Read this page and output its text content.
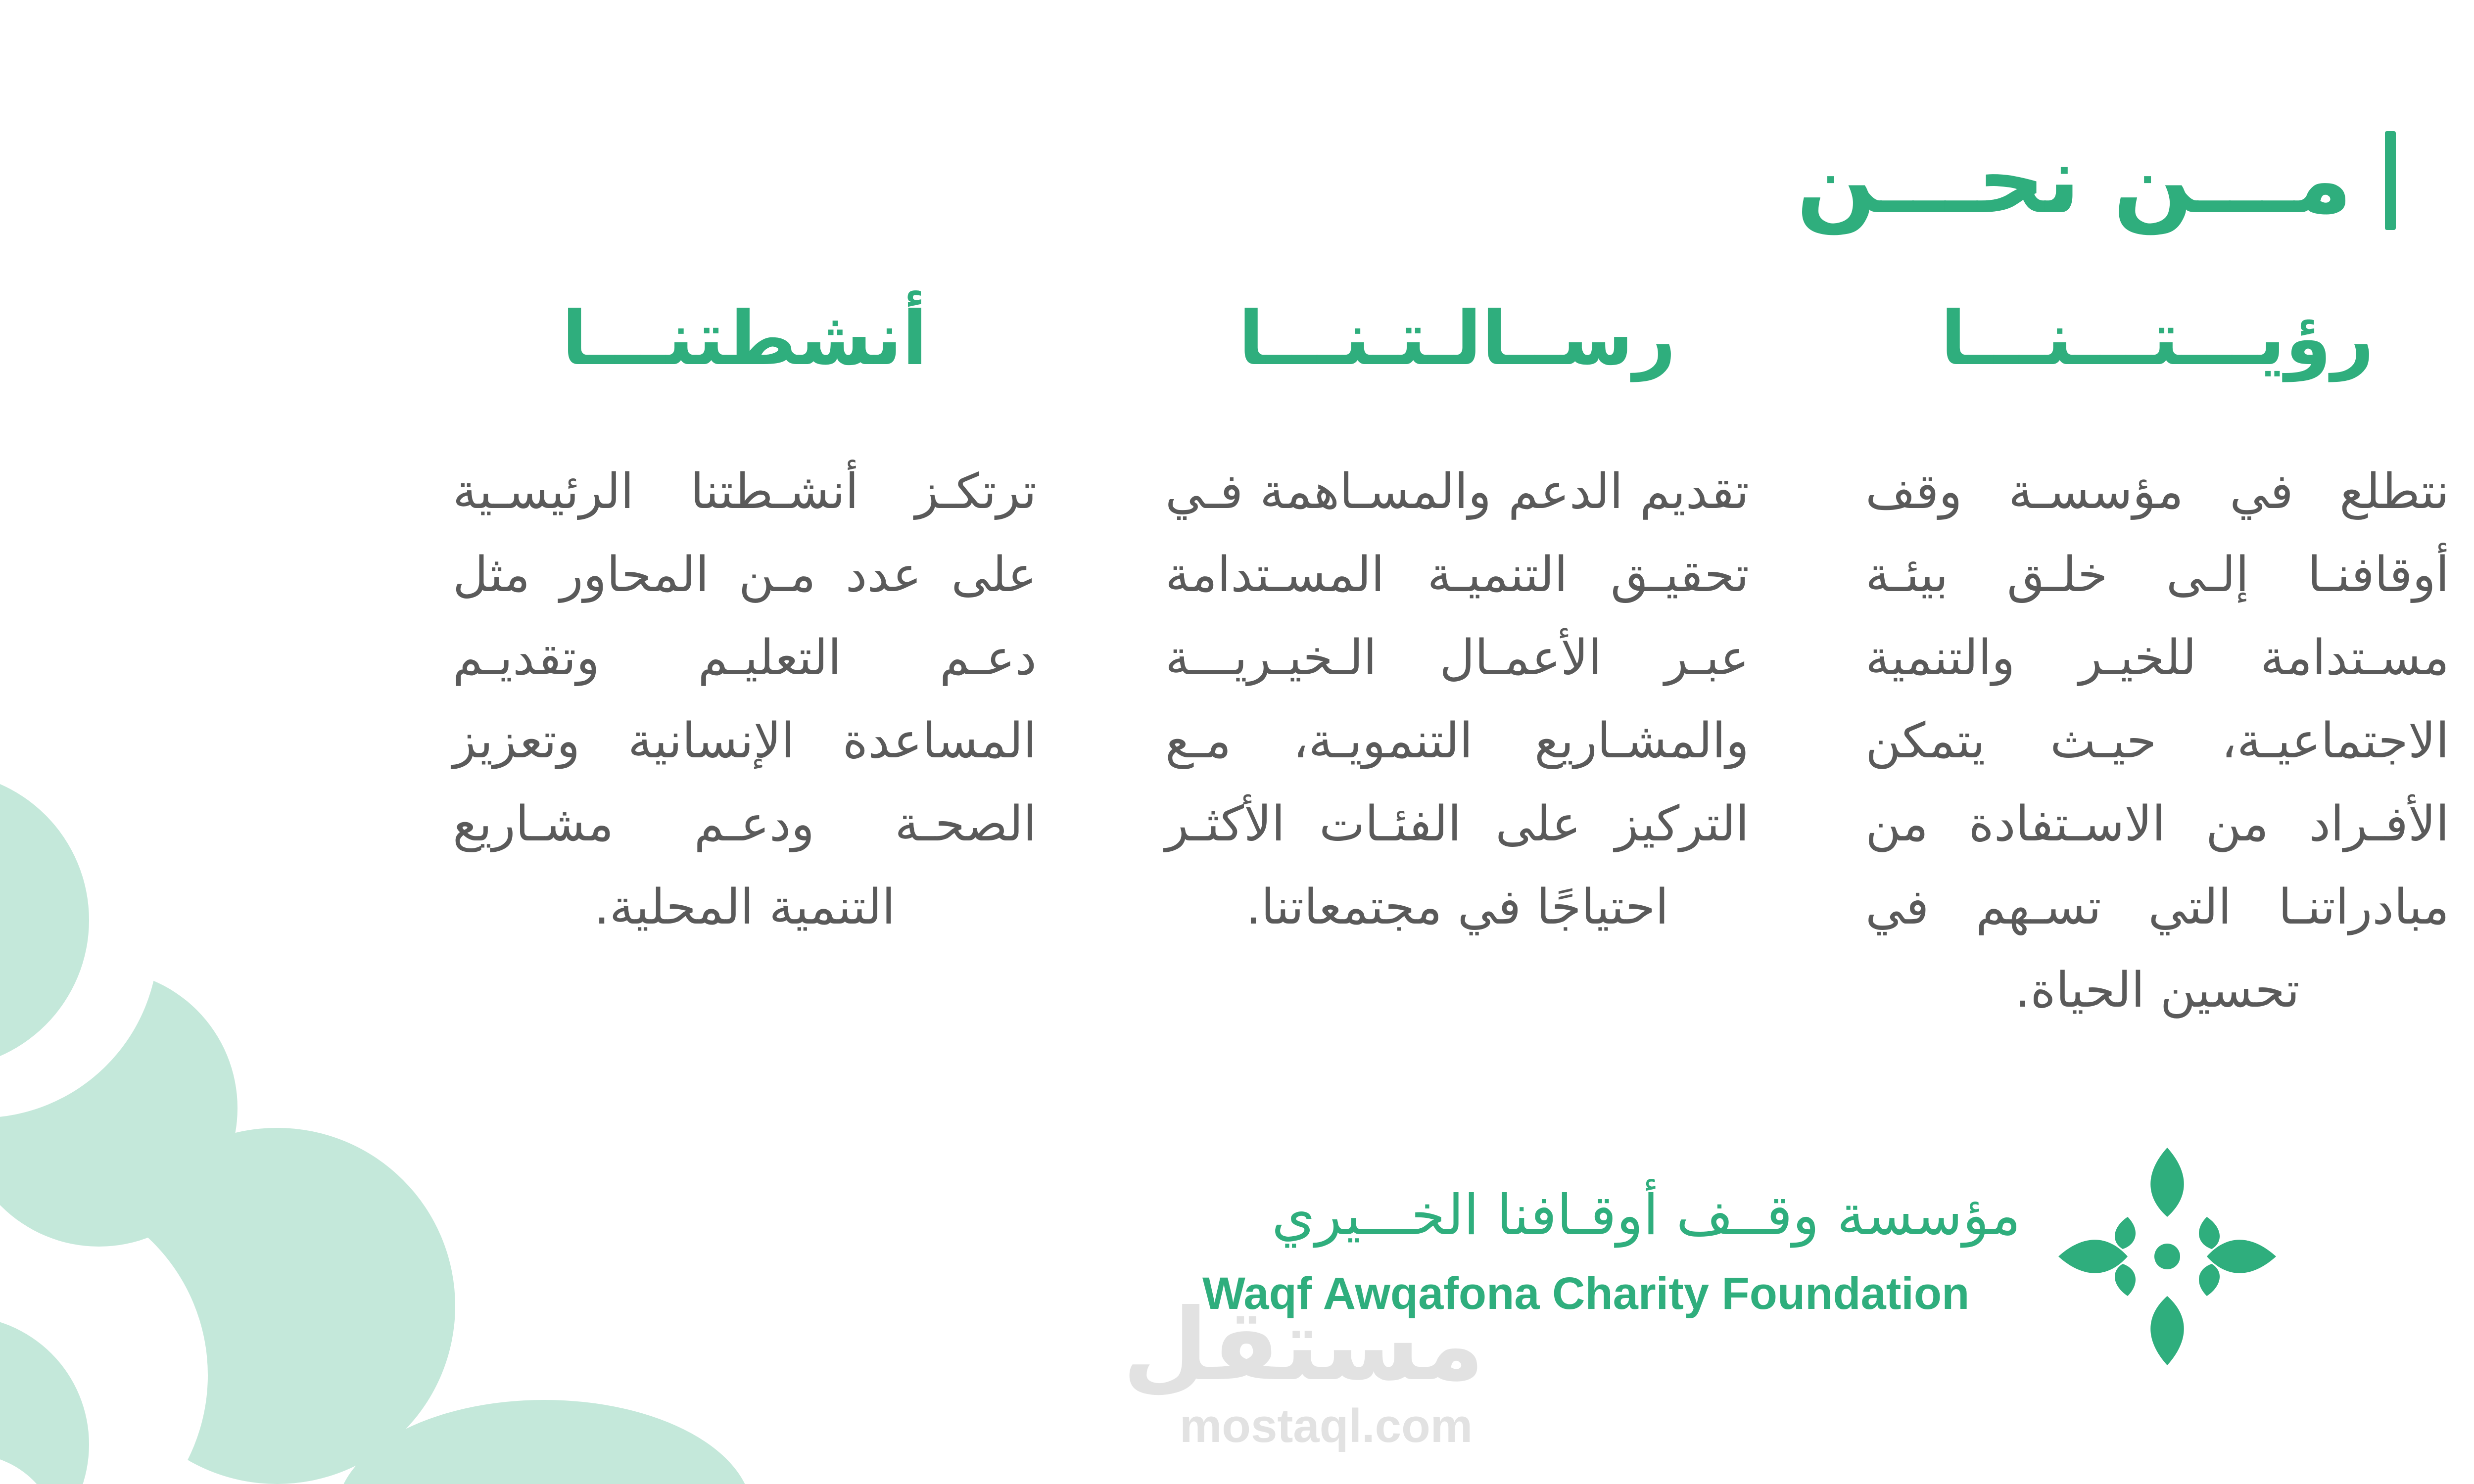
مـــن نحـــن
رؤيـــتـــنـــا

نتطلع في مؤسسـة وقف أوقافنـا إلـى خلـق بيئـة مسـتدامة للخيـر والتنمية الاجتماعيـة، حيـث يتمكن الأفـراد من الاسـتفادة من مبادراتنـا التي تسـهم في تحسين الحياة.

رســالـتـنـــا

تقديم الدعم والمسـاهمة فـي تحقيـق التنميـة المسـتدامة عبـر الأعمـال الـخيـريـــة والمشـاريع التنمويـة، مـع التركيز على الفئـات الأكثـر احتياجًا في مجتمعاتنا.

أنشطتنـــا

ترتكـز أنشـطتنا الرئيسـية على عدد مـن المحاور مثل دعـم التعليـم وتقديـم المساعدة الإنسانية وتعزيز الصحـة ودعـم مشـاريع التنمية المحلية.

مؤسسة وقــف أوقـافنا الخـــيري
Waqf Awqafona Charity Foundation
مستقل
mostaql.com
